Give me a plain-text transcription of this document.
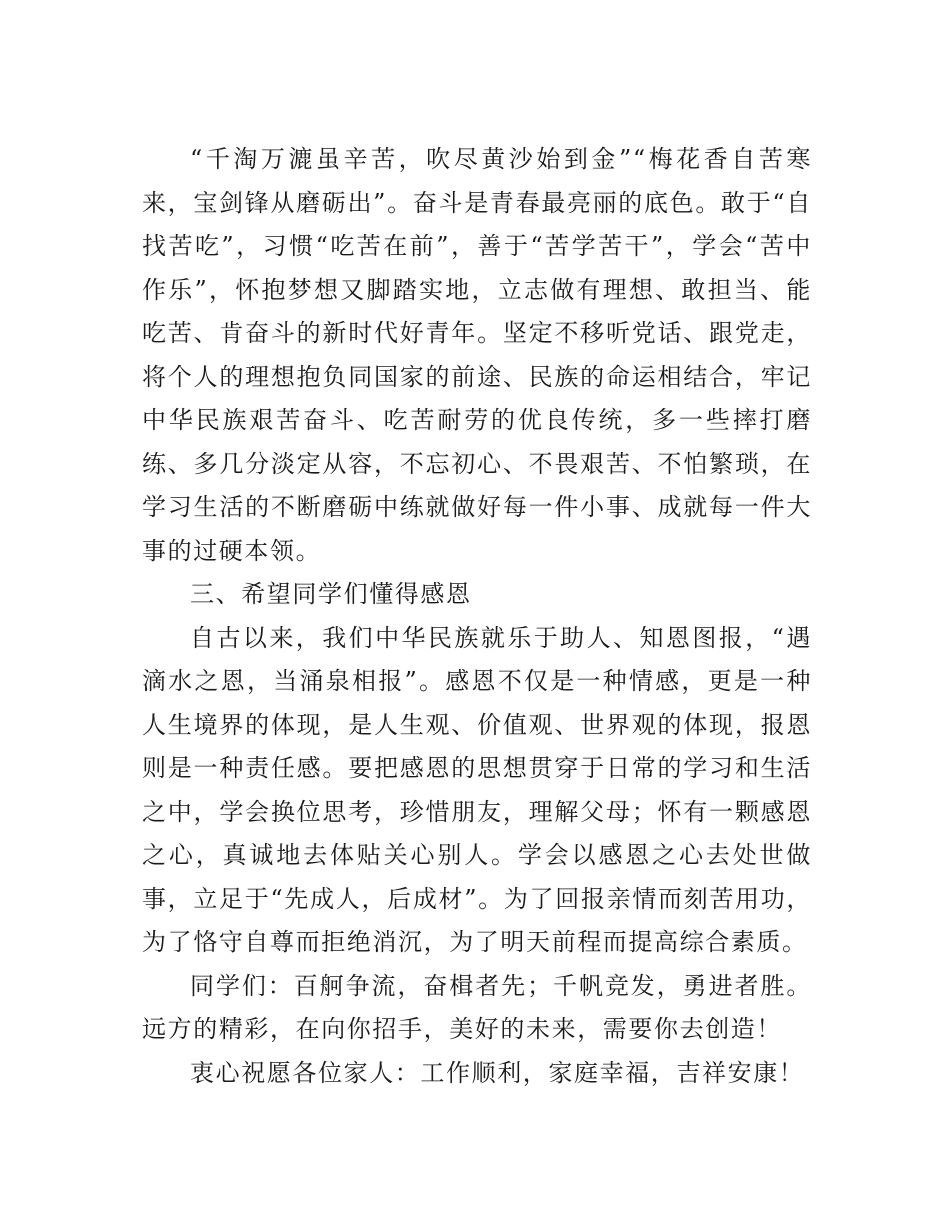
“千淘万漉虽辛苦，吹尽黄沙始到金”“梅花香自苦寒来，宝剑锋从磨砺出”。奋斗是青春最亮丽的底色。敢于“自找苦吃”，习惯“吃苦在前”，善于“苦学苦干”，学会“苦中作乐”，怀抱梦想又脚踏实地，立志做有理想、敢担当、能吃苦、肯奋斗的新时代好青年。坚定不移听党话、跟党走，将个人的理想抱负同国家的前途、民族的命运相结合，牢记中华民族艰苦奋斗、吃苦耐劳的优良传统，多一些摔打磨练、多几分淡定从容，不忘初心、不畏艰苦、不怕繁琐，在学习生活的不断磨砺中练就做好每一件小事、成就每一件大事的过硬本领。

三、希望同学们懂得感恩

自古以来，我们中华民族就乐于助人、知恩图报，“遇滴水之恩，当涌泉相报”。感恩不仅是一种情感，更是一种人生境界的体现，是人生观、价值观、世界观的体现，报恩则是一种责任感。要把感恩的思想贯穿于日常的学习和生活之中，学会换位思考，珍惜朋友，理解父母；怀有一颗感恩之心，真诚地去体贴关心别人。学会以感恩之心去处世做事，立足于“先成人，后成材”。为了回报亲情而刻苦用功，为了恪守自尊而拒绝消沉，为了明天前程而提高综合素质。

同学们：百舸争流，奋楫者先；千帆竞发，勇进者胜。远方的精彩，在向你招手，美好的未来，需要你去创造！

衷心祝愿各位家人：工作顺利，家庭幸福，吉祥安康！
